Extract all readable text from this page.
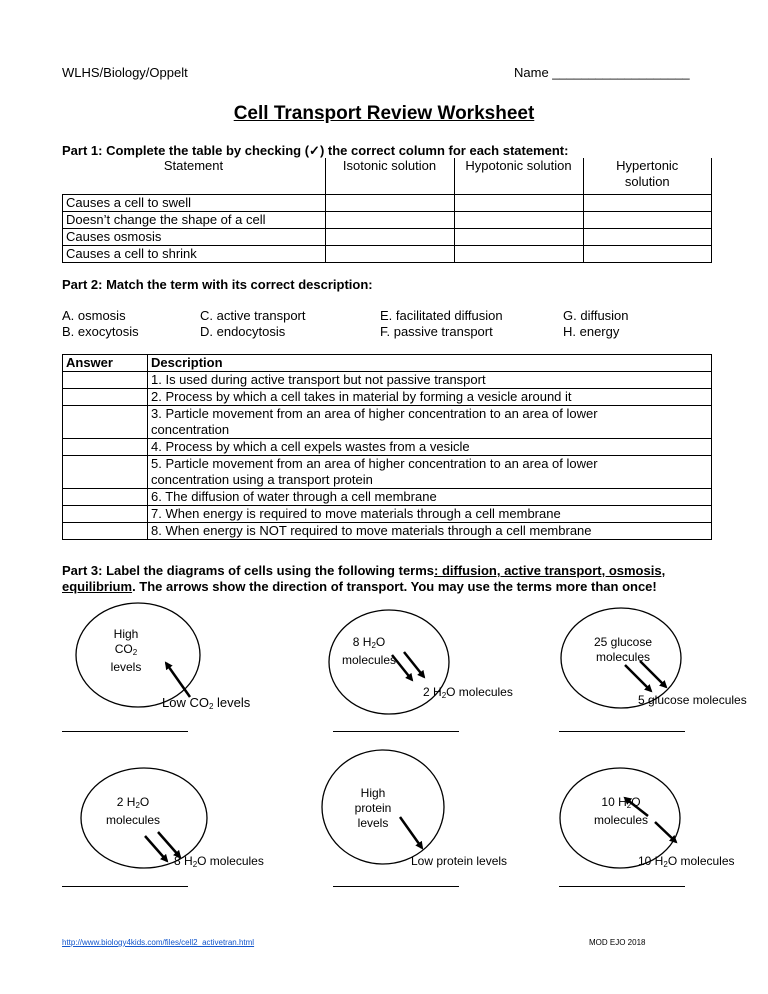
WLHS/Biology/Oppelt	Name ___________________
Cell Transport Review Worksheet
Part 1: Complete the table by checking (✓) the correct column for each statement:
Statement	Isotonic solution	Hypotonic solution	Hypertonic solution
Causes a cell to swell			
Doesn’t change the shape of a cell			
Causes osmosis			
Causes a cell to shrink			
Part 2: Match the term with its correct description:
A. osmosis
B. exocytosis
C. active transport
D. endocytosis
E. facilitated diffusion
F. passive transport
G. diffusion
H. energy
Answer	Description
	1. Is used during active transport but not passive transport
	2. Process by which a cell takes in material by forming a vesicle around it
	3. Particle movement from an area of higher concentration to an area of lower concentration
	4. Process by which a cell expels wastes from a vesicle
	5. Particle movement from an area of higher concentration to an area of lower concentration using a transport protein
	6. The diffusion of water through a cell membrane
	7. When energy is required to move materials through a cell membrane
	8. When energy is NOT required to move materials through a cell membrane
Part 3: Label the diagrams of cells using the following terms: diffusion, active transport, osmosis, equilibrium. The arrows show the direction of transport. You may use the terms more than once!
High
$CO_2$
levels
Low $CO_2$ levels
8 $H_2O$
molecules
2 $H_2O$ molecules
25 glucose
molecules
5 glucose molecules
2 $H_2O$
molecules
8 $H_2O$ molecules
High
protein
levels
Low protein levels
10 $H_2O$
molecules
10 $H_2O$ molecules
http://www.biology4kids.com/files/cell2_activetran.html	MOD EJO 2018
